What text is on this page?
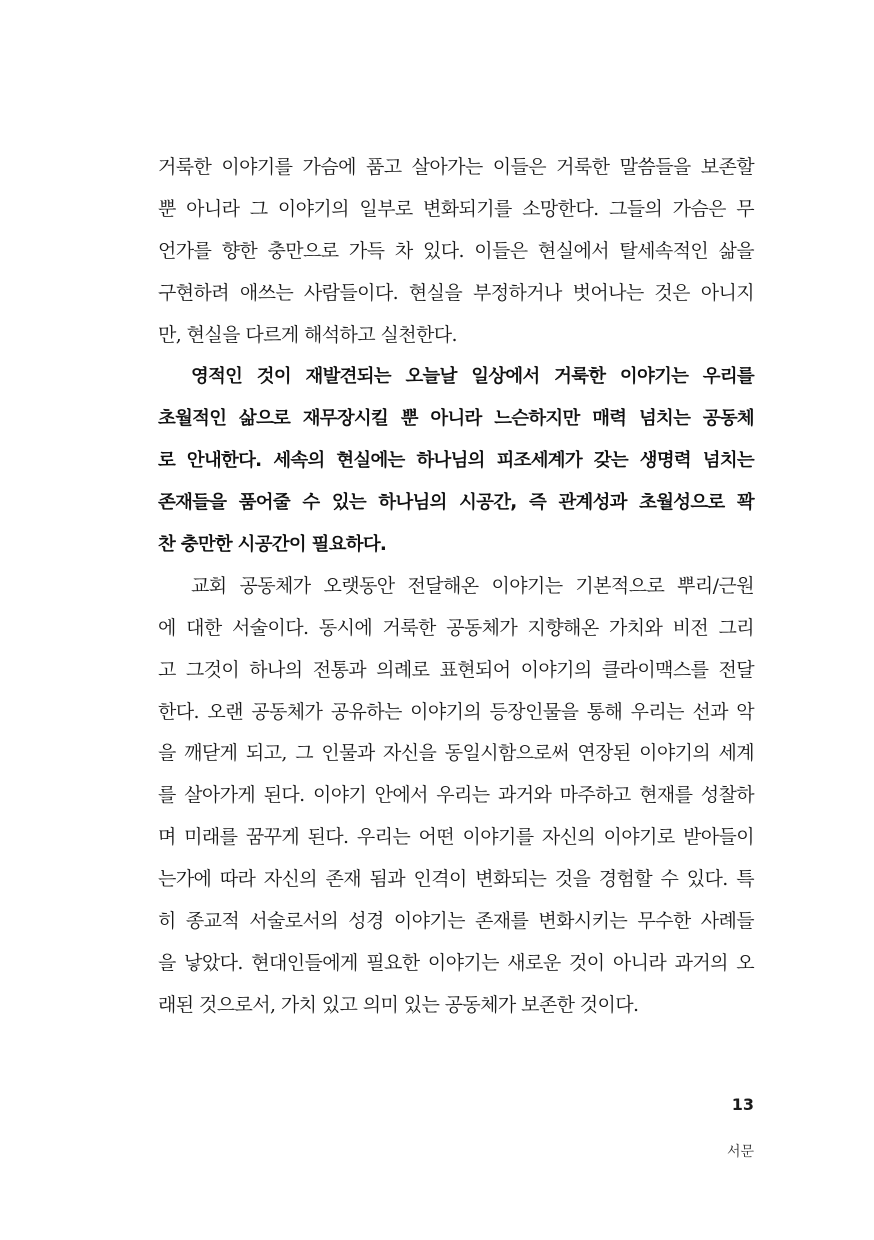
거룩한 이야기를 가슴에 품고 살아가는 이들은 거룩한 말씀들을 보존할
뿐 아니라 그 이야기의 일부로 변화되기를 소망한다. 그들의 가슴은 무
언가를 향한 충만으로 가득 차 있다. 이들은 현실에서 탈세속적인 삶을
구현하려 애쓰는 사람들이다. 현실을 부정하거나 벗어나는 것은 아니지
만, 현실을 다르게 해석하고 실천한다.
영적인 것이 재발견되는 오늘날 일상에서 거룩한 이야기는 우리를
초월적인 삶으로 재무장시킬 뿐 아니라 느슨하지만 매력 넘치는 공동체
로 안내한다. 세속의 현실에는 하나님의 피조세계가 갖는 생명력 넘치는
존재들을 품어줄 수 있는 하나님의 시공간, 즉 관계성과 초월성으로 꽉
찬 충만한 시공간이 필요하다.
교회 공동체가 오랫동안 전달해온 이야기는 기본적으로 뿌리/근원
에 대한 서술이다. 동시에 거룩한 공동체가 지향해온 가치와 비전 그리
고 그것이 하나의 전통과 의례로 표현되어 이야기의 클라이맥스를 전달
한다. 오랜 공동체가 공유하는 이야기의 등장인물을 통해 우리는 선과 악
을 깨닫게 되고, 그 인물과 자신을 동일시함으로써 연장된 이야기의 세계
를 살아가게 된다. 이야기 안에서 우리는 과거와 마주하고 현재를 성찰하
며 미래를 꿈꾸게 된다. 우리는 어떤 이야기를 자신의 이야기로 받아들이
는가에 따라 자신의 존재 됨과 인격이 변화되는 것을 경험할 수 있다. 특
히 종교적 서술로서의 성경 이야기는 존재를 변화시키는 무수한 사례들
을 낳았다. 현대인들에게 필요한 이야기는 새로운 것이 아니라 과거의 오
래된 것으로서, 가치 있고 의미 있는 공동체가 보존한 것이다.
13
서문
